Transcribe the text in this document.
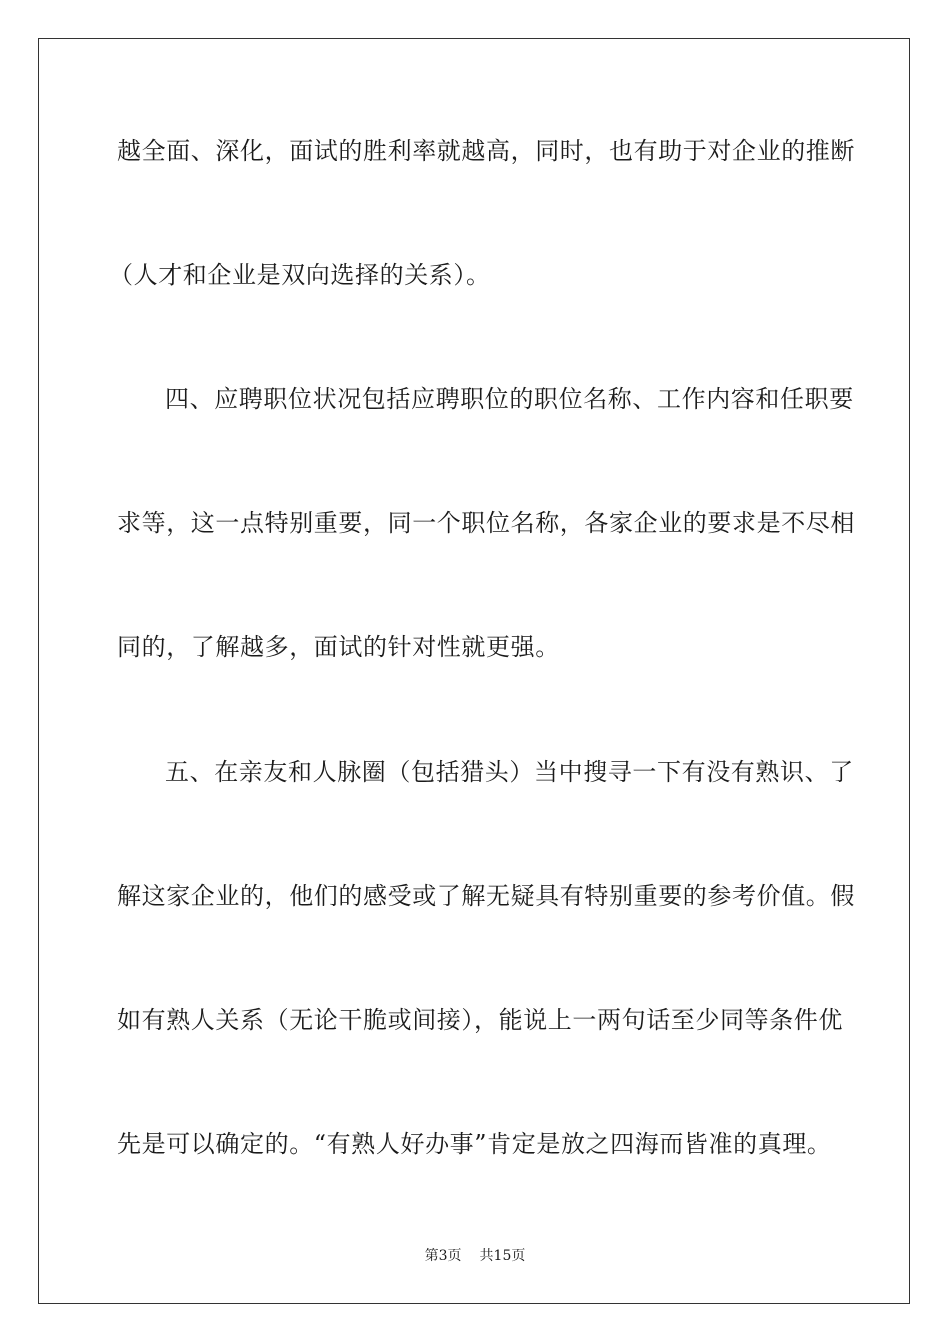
越全面、深化，面试的胜利率就越高，同时，也有助于对企业的推断
（人才和企业是双向选择的关系）。
四、应聘职位状况包括应聘职位的职位名称、工作内容和任职要
求等，这一点特别重要，同一个职位名称，各家企业的要求是不尽相
同的，了解越多，面试的针对性就更强。
五、在亲友和人脉圈（包括猎头）当中搜寻一下有没有熟识、了
解这家企业的，他们的感受或了解无疑具有特别重要的参考价值。假
如有熟人关系（无论干脆或间接），能说上一两句话至少同等条件优
先是可以确定的。“有熟人好办事”肯定是放之四海而皆准的真理。
第3页 共15页
